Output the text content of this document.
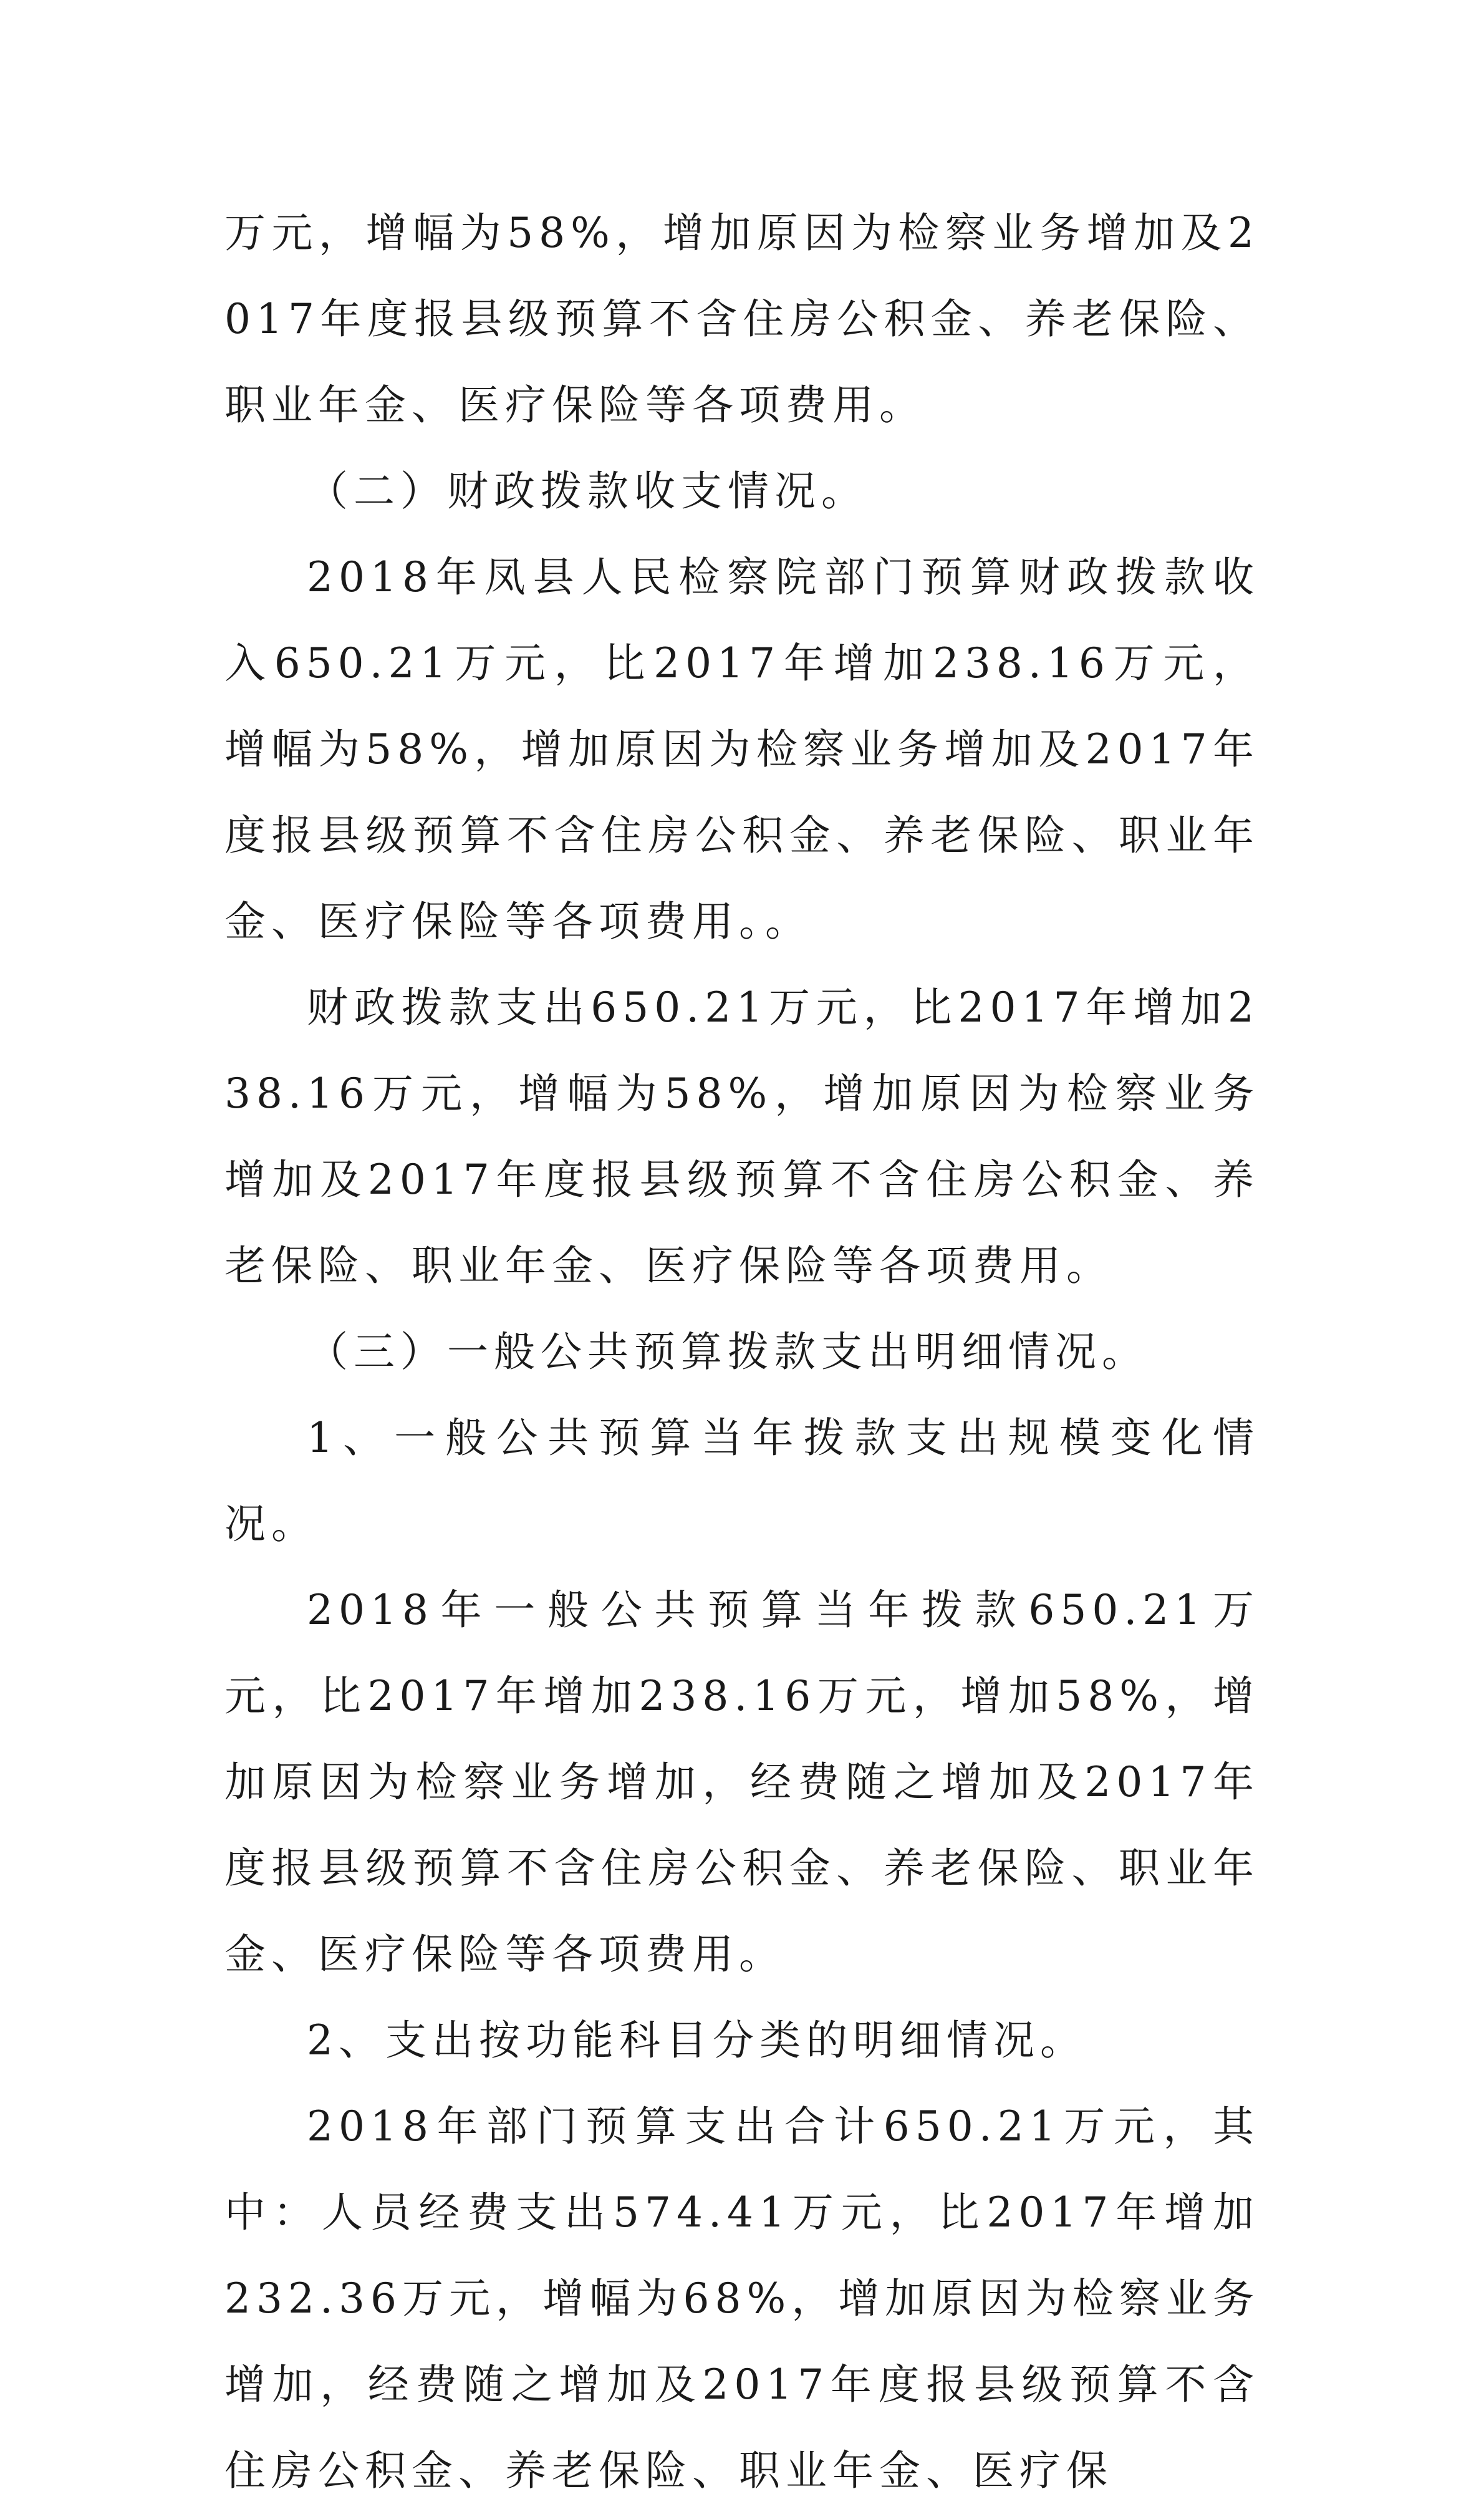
万元，增幅为58%，增加原因为检察业务增加及2017年度报县级预算不含住房公积金、养老保险、职业年金、医疗保险等各项费用。

（二）财政拨款收支情况。

2018年凤县人民检察院部门预算财政拨款收入650.21万元，比2017年增加238.16万元，增幅为58%，增加原因为检察业务增加及2017年度报县级预算不含住房公积金、养老保险、职业年金、医疗保险等各项费用。。

财政拨款支出650.21万元，比2017年增加238.16万元，增幅为58%，增加原因为检察业务增加及2017年度报县级预算不含住房公积金、养老保险、职业年金、医疗保险等各项费用。

（三）一般公共预算拨款支出明细情况。

1、一般公共预算当年拨款支出规模变化情况。

2018年一般公共预算当年拨款650.21万元，比2017年增加238.16万元，增加58%，增加原因为检察业务增加，经费随之增加及2017年度报县级预算不含住房公积金、养老保险、职业年金、医疗保险等各项费用。

2、支出按功能科目分类的明细情况。

2018年部门预算支出合计650.21万元，其中：人员经费支出574.41万元，比2017年增加232.36万元，增幅为68%，增加原因为检察业务增加，经费随之增加及2017年度报县级预算不含住房公积金、养老保险、职业年金、医疗保
